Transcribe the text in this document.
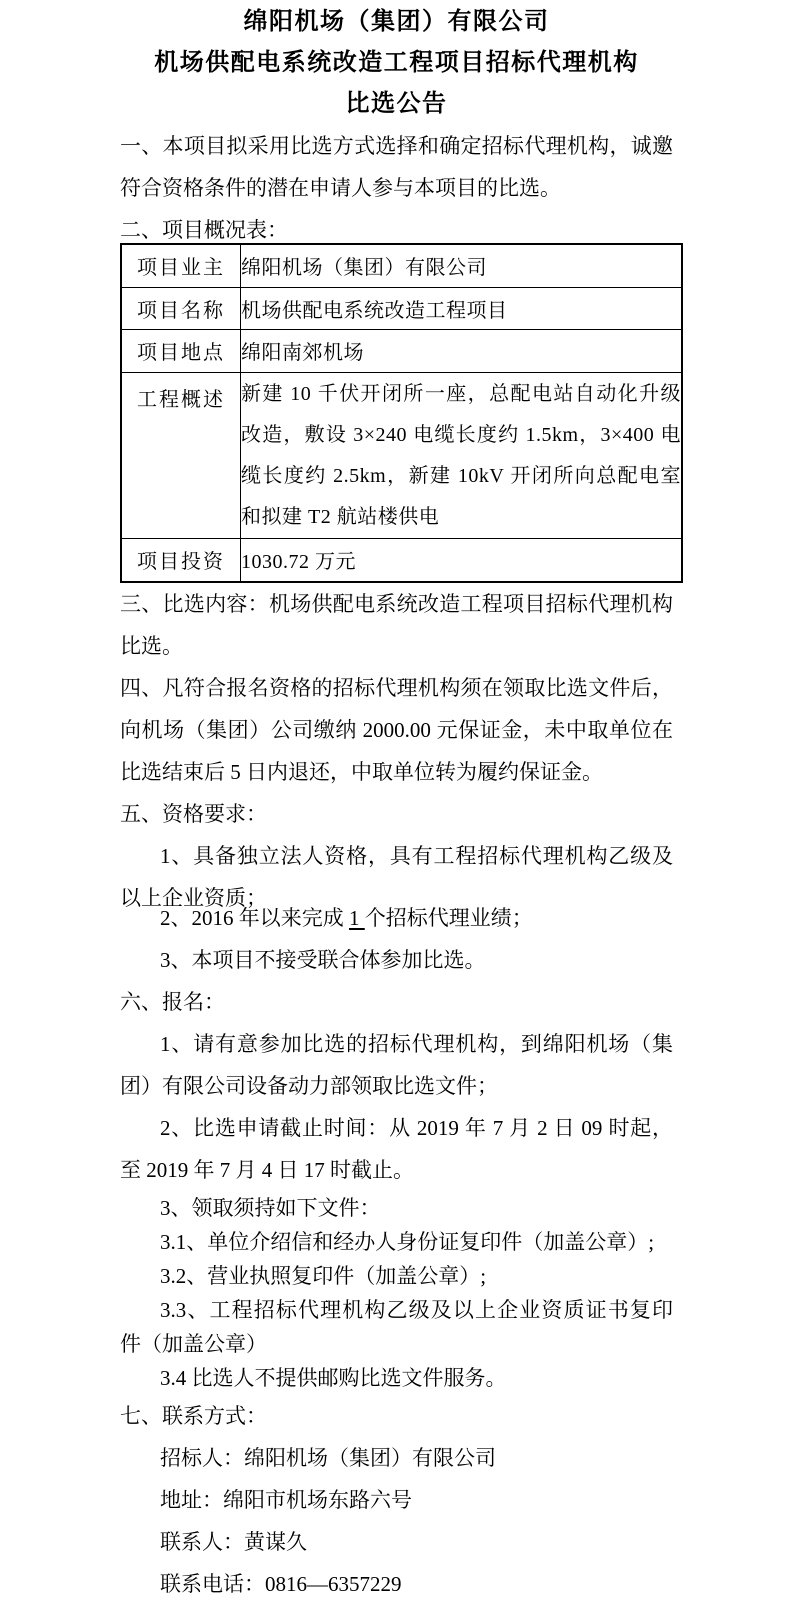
绵阳机场（集团）有限公司
机场供配电系统改造工程项目招标代理机构
比选公告
一、本项目拟采用比选方式选择和确定招标代理机构，诚邀
符合资格条件的潜在申请人参与本项目的比选。
二、项目概况表：
项目业主	绵阳机场（集团）有限公司
项目名称	机场供配电系统改造工程项目
项目地点	绵阳南郊机场
工程概述	新建 10 千伏开闭所一座，总配电站自动化升级改造，敷设 3×240 电缆长度约 1.5km，3×400 电缆长度约 2.5km，新建 10kV 开闭所向总配电室和拟建 T2 航站楼供电
项目投资	1030.72 万元
三、比选内容：机场供配电系统改造工程项目招标代理机构
比选。
四、凡符合报名资格的招标代理机构须在领取比选文件后，
向机场（集团）公司缴纳 2000.00 元保证金，未中取单位在
比选结束后 5 日内退还，中取单位转为履约保证金。
五、资格要求：
1、具备独立法人资格，具有工程招标代理机构乙级及
以上企业资质；
2、2016 年以来完成 1 个招标代理业绩；
3、本项目不接受联合体参加比选。
六、报名：
1、请有意参加比选的招标代理机构，到绵阳机场（集
团）有限公司设备动力部领取比选文件；
2、比选申请截止时间：从 2019 年 7 月 2 日 09 时起，
至 2019 年 7 月 4 日 17 时截止。
3、领取须持如下文件：
3.1、单位介绍信和经办人身份证复印件（加盖公章）;
3.2、营业执照复印件（加盖公章）;
3.3、工程招标代理机构乙级及以上企业资质证书复印
件（加盖公章）
3.4 比选人不提供邮购比选文件服务。
七、联系方式：
招标人：绵阳机场（集团）有限公司
地址：绵阳市机场东路六号
联系人：黄谋久
联系电话：0816—6357229
